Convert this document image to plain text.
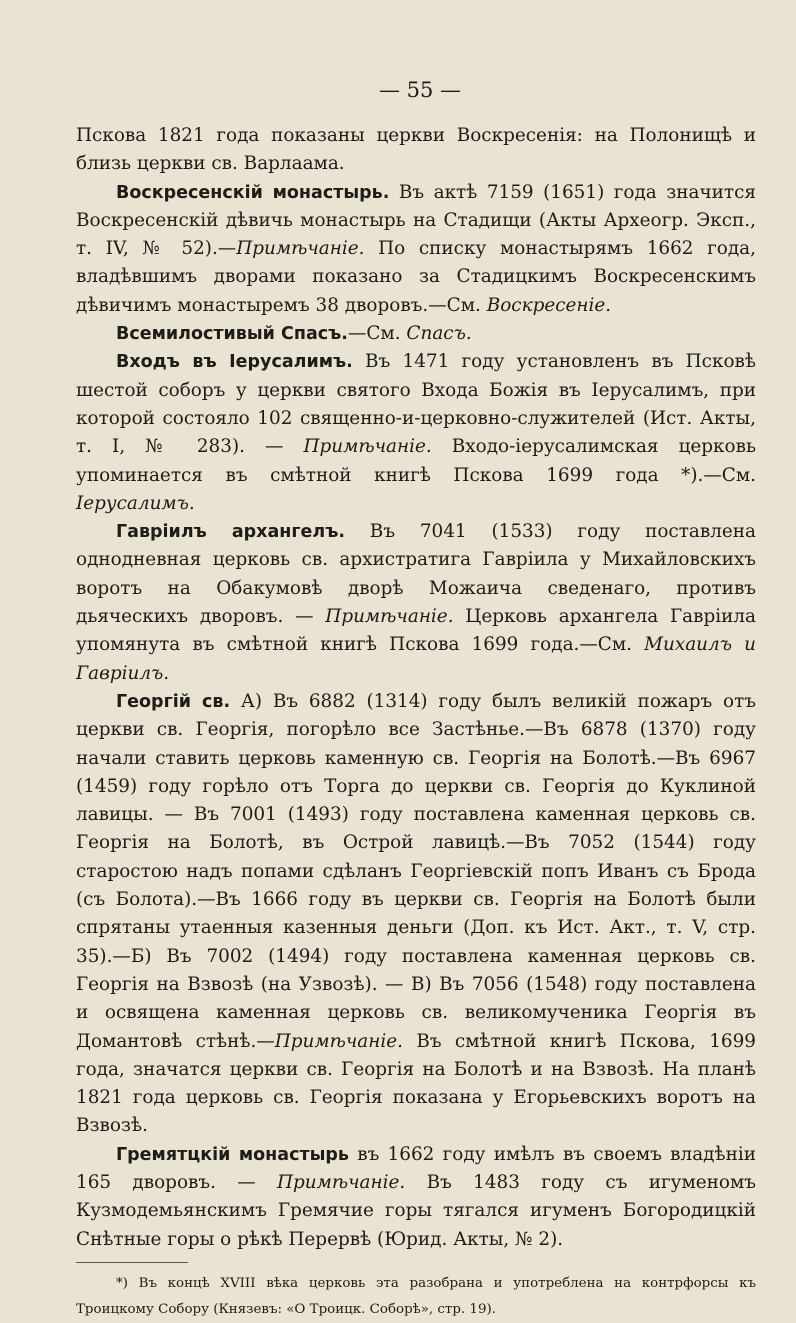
— 55 —

Пскова 1821 года показаны церкви Воскресенія: на Полонищѣ и близь церкви св. Варлаама.

Воскресенскій монастырь. Въ актѣ 7159 (1651) года значится Воскресенскій дѣвичь монастырь на Стадищи (Акты Археогр. Эксп., т. IV, № 52).—Примѣчаніе. По списку монастырямъ 1662 года, владѣвшимъ дворами показано за Стадицкимъ Воскресенскимъ дѣвичимъ монастыремъ 38 дворовъ.—См. Воскресеніе.

Всемилостивый Спасъ.—См. Спасъ.

Входъ въ Іерусалимъ. Въ 1471 году установленъ въ Псковѣ шестой соборъ у церкви святого Входа Божія въ Іерусалимъ, при которой состояло 102 священно-и-церковно-служителей (Ист. Акты, т. I, № 283). — Примѣчаніе. Входо-іерусалимская церковь упоминается въ смѣтной книгѣ Пскова 1699 года *).—См. Іерусалимъ.

Гавріилъ архангелъ. Въ 7041 (1533) году поставлена однодневная церковь св. архистратига Гавріила у Михайловскихъ воротъ на Обакумовѣ дворѣ Можаича сведенаго, противъ дьяческихъ дворовъ. — Примѣчаніе. Церковь архангела Гавріила упомянута въ смѣтной книгѣ Пскова 1699 года.—См. Михаилъ и Гавріилъ.

Георгій св. А) Въ 6882 (1314) году былъ великій пожаръ отъ церкви св. Георгія, погорѣло все Застѣнье.—Въ 6878 (1370) году начали ставить церковь каменную св. Георгія на Болотѣ.—Въ 6967 (1459) году горѣло отъ Торга до церкви св. Георгія до Куклиной лавицы. — Въ 7001 (1493) году поставлена каменная церковь св. Георгія на Болотѣ, въ Острой лавицѣ.—Въ 7052 (1544) году старостою надъ попами сдѣланъ Георгіевскій попъ Иванъ съ Брода (съ Болота).—Въ 1666 году въ церкви св. Георгія на Болотѣ были спрятаны утаенныя казенныя деньги (Доп. къ Ист. Акт., т. V, стр. 35).—Б) Въ 7002 (1494) году поставлена каменная церковь св. Георгія на Взвозѣ (на Узвозѣ). — В) Въ 7056 (1548) году поставлена и освящена каменная церковь св. великомученика Георгія въ Домантовѣ стѣнѣ.—Примѣчаніе. Въ смѣтной книгѣ Пскова, 1699 года, значатся церкви св. Георгія на Болотѣ и на Взвозѣ. На планѣ 1821 года церковь св. Георгія показана у Егорьевскихъ воротъ на Взвозѣ.

Гремятцкій монастырь въ 1662 году имѣлъ въ своемъ владѣніи 165 дворовъ. — Примѣчаніе. Въ 1483 году съ игуменомъ Кузмодемьянскимъ Гремячие горы тягался игуменъ Богородицкій Снѣтные горы о рѣкѣ Перервѣ (Юрид. Акты, № 2).

*) Въ концѣ XVIII вѣка церковь эта разобрана и употреблена на контрфорсы къ Троицкому Собору (Князевъ: «О Троицк. Соборѣ», стр. 19).
